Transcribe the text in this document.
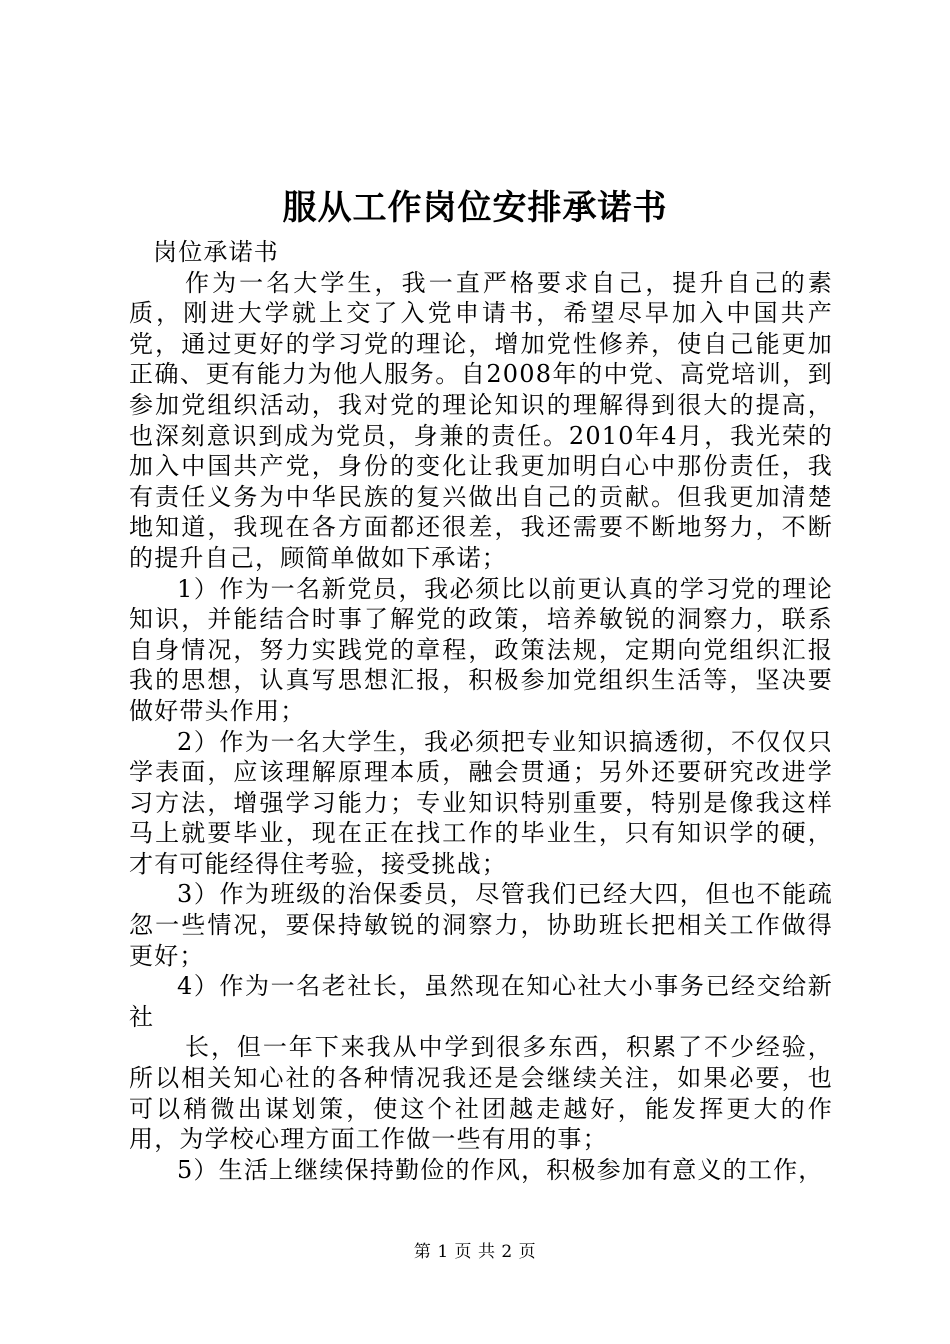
服从工作岗位安排承诺书

岗位承诺书

作为一名大学生，我一直严格要求自己，提升自己的素质，刚进大学就上交了入党申请书，希望尽早加入中国共产党，通过更好的学习党的理论，增加党性修养，使自己能更加正确、更有能力为他人服务。自2008年的中党、高党培训，到参加党组织活动，我对党的理论知识的理解得到很大的提高，也深刻意识到成为党员，身兼的责任。2010年4月，我光荣的加入中国共产党，身份的变化让我更加明白心中那份责任，我有责任义务为中华民族的复兴做出自己的贡献。但我更加清楚地知道，我现在各方面都还很差，我还需要不断地努力，不断的提升自己，顾简单做如下承诺；

1）作为一名新党员，我必须比以前更认真的学习党的理论知识，并能结合时事了解党的政策，培养敏锐的洞察力，联系自身情况，努力实践党的章程，政策法规，定期向党组织汇报我的思想，认真写思想汇报，积极参加党组织生活等，坚决要做好带头作用；

2）作为一名大学生，我必须把专业知识搞透彻，不仅仅只学表面，应该理解原理本质，融会贯通；另外还要研究改进学习方法，增强学习能力；专业知识特别重要，特别是像我这样马上就要毕业，现在正在找工作的毕业生，只有知识学的硬，才有可能经得住考验，接受挑战；

3）作为班级的治保委员，尽管我们已经大四，但也不能疏忽一些情况，要保持敏锐的洞察力，协助班长把相关工作做得更好；

4）作为一名老社长，虽然现在知心社大小事务已经交给新社

长，但一年下来我从中学到很多东西，积累了不少经验，所以相关知心社的各种情况我还是会继续关注，如果必要，也可以稍微出谋划策，使这个社团越走越好，能发挥更大的作用，为学校心理方面工作做一些有用的事；

5）生活上继续保持勤俭的作风，积极参加有意义的工作，

第 1 页 共 2 页
